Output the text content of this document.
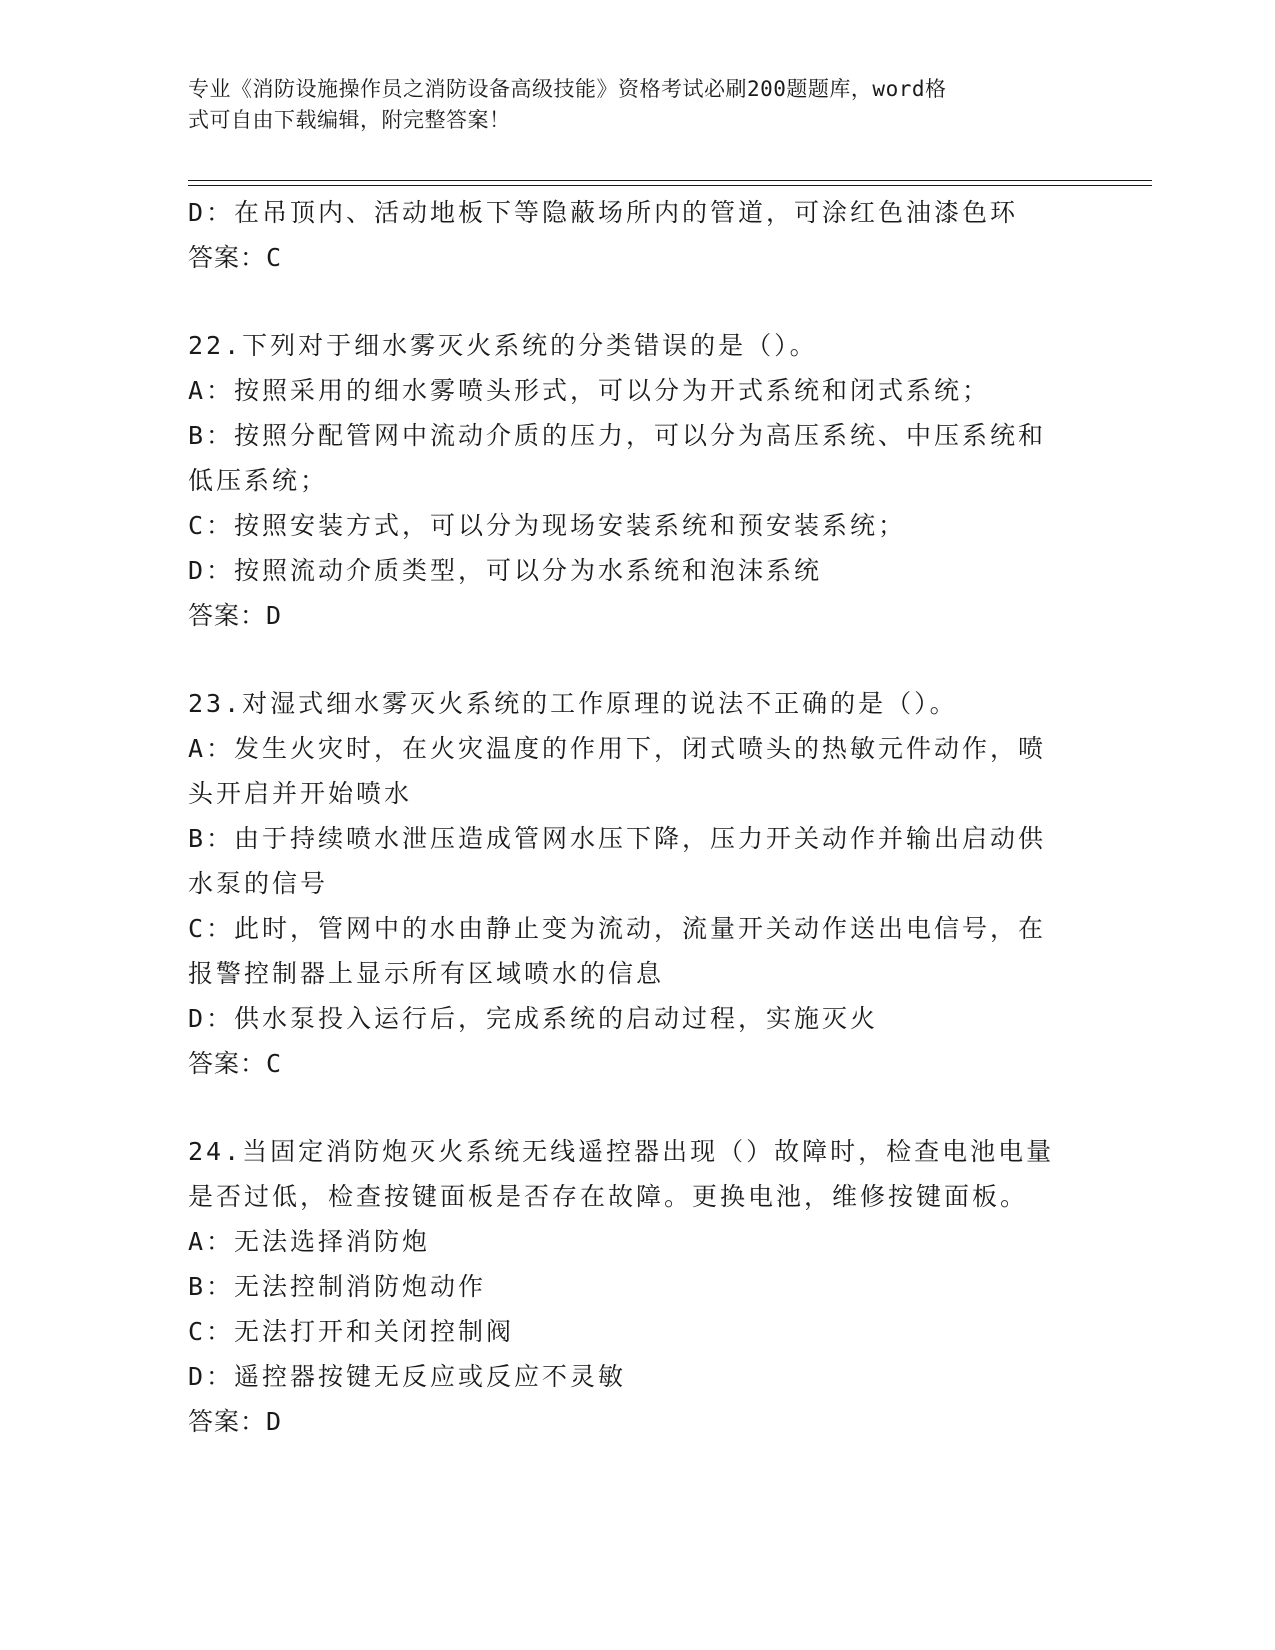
专业《消防设施操作员之消防设备高级技能》资格考试必刷200题题库，word格
式可自由下载编辑，附完整答案！
D：在吊顶内、活动地板下等隐蔽场所内的管道，可涂红色油漆色环
答案：C
22.下列对于细水雾灭火系统的分类错误的是（）。
A：按照采用的细水雾喷头形式，可以分为开式系统和闭式系统；
B：按照分配管网中流动介质的压力，可以分为高压系统、中压系统和
低压系统；
C：按照安装方式，可以分为现场安装系统和预安装系统；
D：按照流动介质类型，可以分为水系统和泡沫系统
答案：D
23.对湿式细水雾灭火系统的工作原理的说法不正确的是（）。
A：发生火灾时，在火灾温度的作用下，闭式喷头的热敏元件动作，喷
头开启并开始喷水
B：由于持续喷水泄压造成管网水压下降，压力开关动作并输出启动供
水泵的信号
C：此时，管网中的水由静止变为流动，流量开关动作送出电信号，在
报警控制器上显示所有区域喷水的信息
D：供水泵投入运行后，完成系统的启动过程，实施灭火
答案：C
24.当固定消防炮灭火系统无线遥控器出现（）故障时，检查电池电量
是否过低，检查按键面板是否存在故障。更换电池，维修按键面板。
A：无法选择消防炮
B：无法控制消防炮动作
C：无法打开和关闭控制阀
D：遥控器按键无反应或反应不灵敏
答案：D
